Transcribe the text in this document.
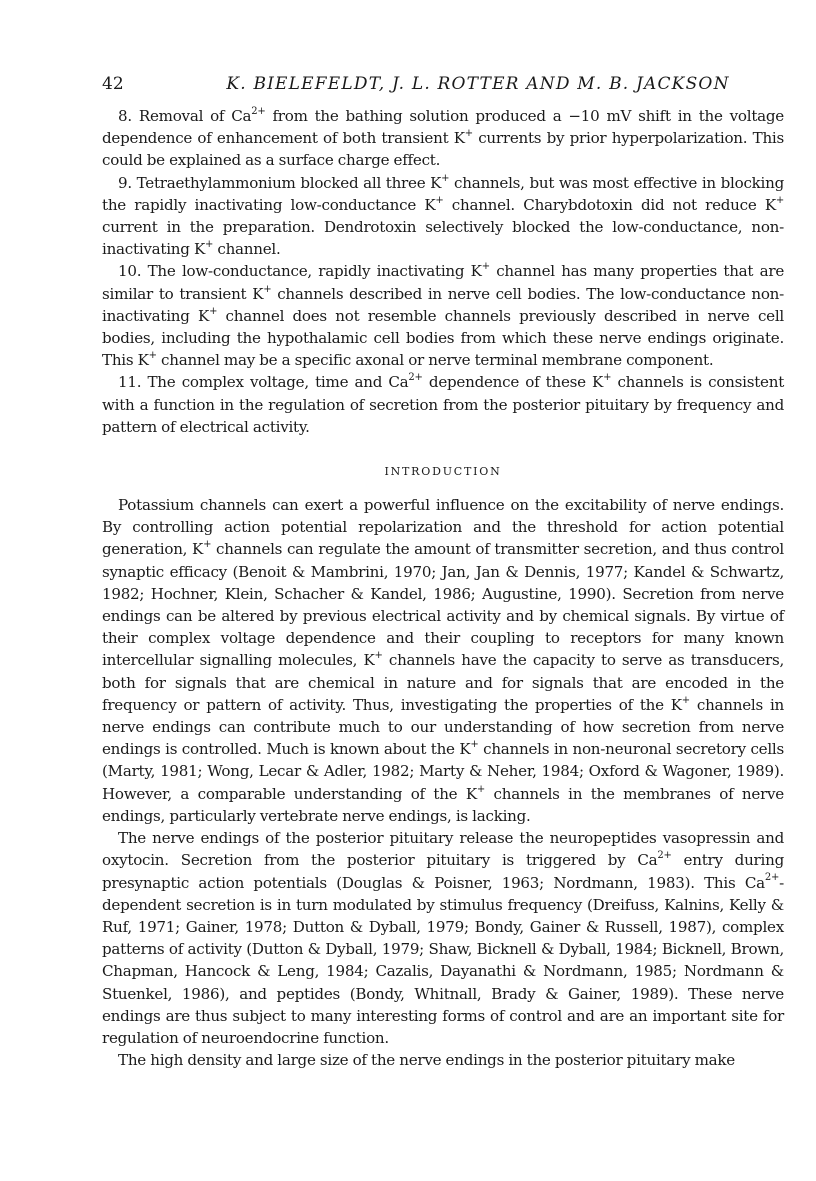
42	K. BIELEFELDT, J. L. ROTTER AND M. B. JACKSON

8. Removal of $Ca^{2+}$ from the bathing solution produced a −10 mV shift in the voltage dependence of enhancement of both transient K+ currents by prior hyperpolarization. This could be explained as a surface charge effect.

9. Tetraethylammonium blocked all three K+ channels, but was most effective in blocking the rapidly inactivating low-conductance K+ channel. Charybdotoxin did not reduce K+ current in the preparation. Dendrotoxin selectively blocked the low-conductance, non-inactivating K+ channel.

10. The low-conductance, rapidly inactivating K+ channel has many properties that are similar to transient K+ channels described in nerve cell bodies. The low-conductance non-inactivating K+ channel does not resemble channels previously described in nerve cell bodies, including the hypothalamic cell bodies from which these nerve endings originate. This K+ channel may be a specific axonal or nerve terminal membrane component.

11. The complex voltage, time and $Ca^{2+}$ dependence of these K+ channels is consistent with a function in the regulation of secretion from the posterior pituitary by frequency and pattern of electrical activity.

INTRODUCTION

Potassium channels can exert a powerful influence on the excitability of nerve endings. By controlling action potential repolarization and the threshold for action potential generation, K+ channels can regulate the amount of transmitter secretion, and thus control synaptic efficacy (Benoit & Mambrini, 1970; Jan, Jan & Dennis, 1977; Kandel & Schwartz, 1982; Hochner, Klein, Schacher & Kandel, 1986; Augustine, 1990). Secretion from nerve endings can be altered by previous electrical activity and by chemical signals. By virtue of their complex voltage dependence and their coupling to receptors for many known intercellular signalling molecules, K+ channels have the capacity to serve as transducers, both for signals that are chemical in nature and for signals that are encoded in the frequency or pattern of activity. Thus, investigating the properties of the K+ channels in nerve endings can contribute much to our understanding of how secretion from nerve endings is controlled. Much is known about the K+ channels in non-neuronal secretory cells (Marty, 1981; Wong, Lecar & Adler, 1982; Marty & Neher, 1984; Oxford & Wagoner, 1989). However, a comparable understanding of the K+ channels in the membranes of nerve endings, particularly vertebrate nerve endings, is lacking.

The nerve endings of the posterior pituitary release the neuropeptides vasopressin and oxytocin. Secretion from the posterior pituitary is triggered by $Ca^{2+}$ entry during presynaptic action potentials (Douglas & Poisner, 1963; Nordmann, 1983). This $Ca^{2+}$-dependent secretion is in turn modulated by stimulus frequency (Dreifuss, Kalnins, Kelly & Ruf, 1971; Gainer, 1978; Dutton & Dyball, 1979; Bondy, Gainer & Russell, 1987), complex patterns of activity (Dutton & Dyball, 1979; Shaw, Bicknell & Dyball, 1984; Bicknell, Brown, Chapman, Hancock & Leng, 1984; Cazalis, Dayanathi & Nordmann, 1985; Nordmann & Stuenkel, 1986), and peptides (Bondy, Whitnall, Brady & Gainer, 1989). These nerve endings are thus subject to many interesting forms of control and are an important site for regulation of neuroendocrine function.

The high density and large size of the nerve endings in the posterior pituitary make
